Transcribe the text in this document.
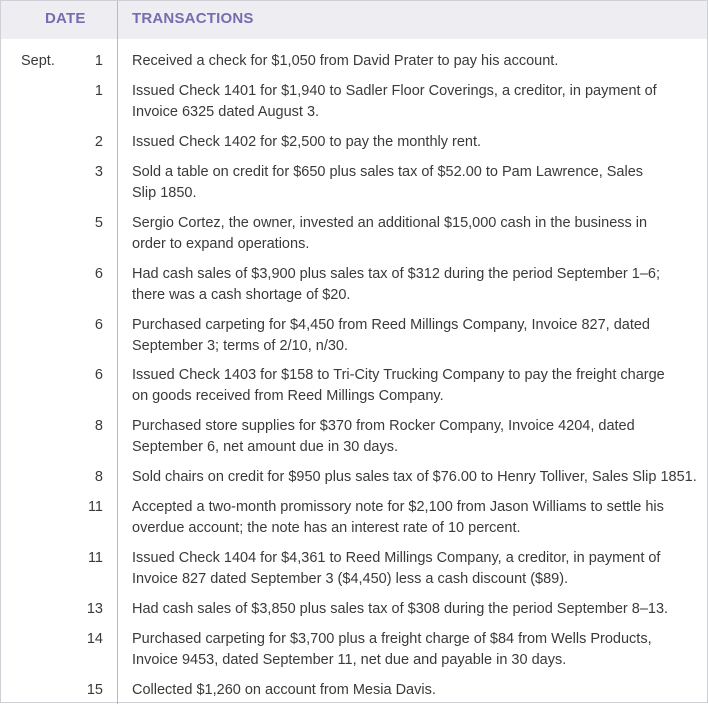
DATE	TRANSACTIONS
Sept.	1 Received a check for $1,050 from David Prater to pay his account.
1 Issued Check 1401 for $1,940 to Sadler Floor Coverings, a creditor, in payment of
Invoice 6325 dated August 3.
2 Issued Check 1402 for $2,500 to pay the monthly rent.
3 Sold a table on credit for $650 plus sales tax of $52.00 to Pam Lawrence, Sales
Slip 1850.
5 Sergio Cortez, the owner, invested an additional $15,000 cash in the business in
order to expand operations.
6 Had cash sales of $3,900 plus sales tax of $312 during the period September 1–6;
there was a cash shortage of $20.
6 Purchased carpeting for $4,450 from Reed Millings Company, Invoice 827, dated
September 3; terms of 2/10, n/30.
6 Issued Check 1403 for $158 to Tri-City Trucking Company to pay the freight charge
on goods received from Reed Millings Company.
8 Purchased store supplies for $370 from Rocker Company, Invoice 4204, dated
September 6, net amount due in 30 days.
8 Sold chairs on credit for $950 plus sales tax of $76.00 to Henry Tolliver, Sales Slip 1851.
11 Accepted a two-month promissory note for $2,100 from Jason Williams to settle his
overdue account; the note has an interest rate of 10 percent.
11 Issued Check 1404 for $4,361 to Reed Millings Company, a creditor, in payment of
Invoice 827 dated September 3 ($4,450) less a cash discount ($89).
13 Had cash sales of $3,850 plus sales tax of $308 during the period September 8–13.
14 Purchased carpeting for $3,700 plus a freight charge of $84 from Wells Products,
Invoice 9453, dated September 11, net due and payable in 30 days.
15 Collected $1,260 on account from Mesia Davis.
